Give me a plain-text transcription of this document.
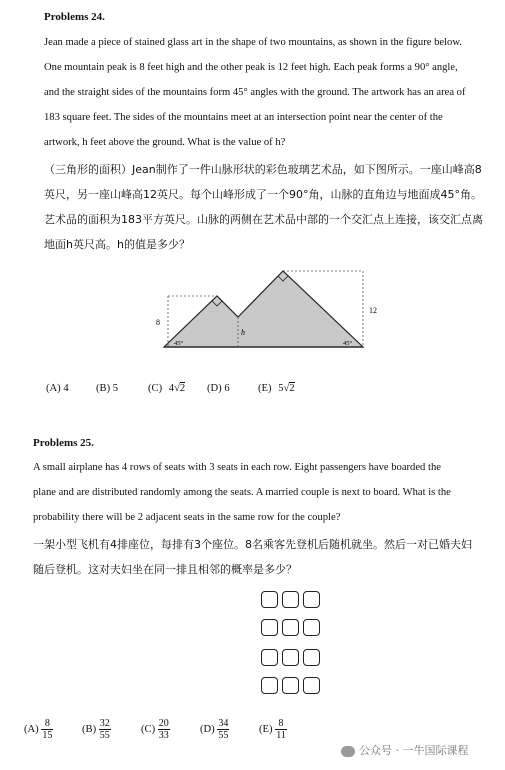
Problems 24.
Jean made a piece of stained glass art in the shape of two mountains, as shown in the figure below.
One mountain peak is 8 feet high and the other peak is 12 feet high. Each peak forms a 90° angle,
and the straight sides of the mountains form 45° angles with the ground. The artwork has an area of
183 square feet. The sides of the mountains meet at an intersection point near the center of the
artwork, h feet above the ground. What is the value of h?
（三角形的面积）Jean制作了一件山脉形状的彩色玻璃艺术品，如下图所示。一座山峰高8
英尺，另一座山峰高12英尺。每个山峰形成了一个90°角，山脉的直角边与地面成45°角。
艺术品的面积为183平方英尺。山脉的两侧在艺术品中部的一个交汇点上连接，该交汇点离
地面h英尺高。h的值是多少？
8
12
h
45°	45°
(A) 4	(B) 5	(C) 4√2 (D) 6	(E) 5√2
Problems 25.
A small airplane has 4 rows of seats with 3 seats in each row. Eight passengers have boarded the
plane and are distributed randomly among the seats. A married couple is next to board. What is the
probability there will be 2 adjacent seats in the same row for the couple?
一架小型飞机有4排座位，每排有3个座位。8名乘客先登机后随机就坐。然后一对已婚夫妇
随后登机。这对夫妇坐在同一排且相邻的概率是多少？
$(A) \frac{8}{15}$	$(B) \frac{32}{55}$	$(C) \frac{20}{33}$	$(D) \frac{34}{55}$	$(E) \frac{8}{11}$
公众号 · 一牛国际课程
